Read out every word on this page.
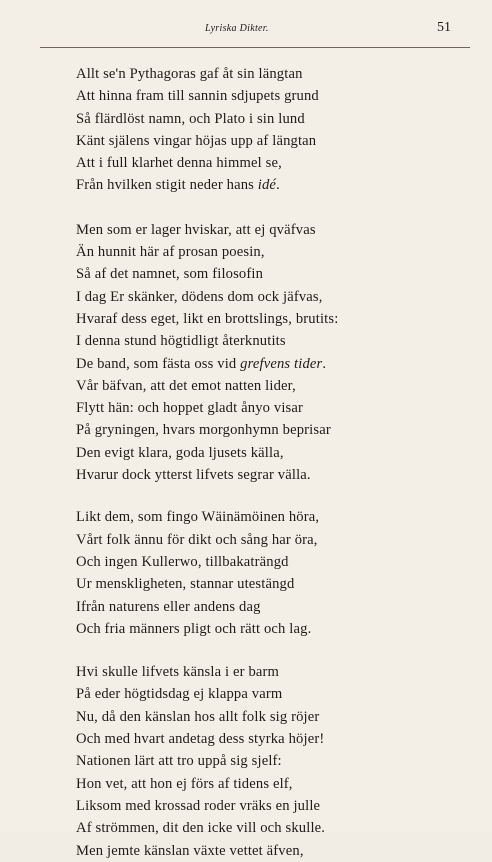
Lyriska Dikter.	51
Allt se'n Pythagoras gaf åt sin längtan
Att hinna fram till sannin sdjupets grund
Så flärdlöst namn, och Plato i sin lund
Känt själens vingar höjas upp af längtan
Att i full klarhet denna himmel se,
Från hvilken stigit neder hans idé.
Men som er lager hviskar, att ej qväfvas
Än hunnit här af prosan poesin,
Så af det namnet, som filosofin
I dag Er skänker, dödens dom ock jäfvas,
Hvaraf dess eget, likt en brottslings, brutits:
I denna stund högtidligt återknutits
De band, som fästa oss vid grefvens tider.
Vår bäfvan, att det emot natten lider,
Flytt hän: och hoppet gladt ånyo visar
På gryningen, hvars morgonhymn beprisar
Den evigt klara, goda ljusets källa,
Hvarur dock ytterst lifvets segrar välla.
Likt dem, som fingo Wäinämöinen höra,
Vårt folk ännu för dikt och sång har öra,
Och ingen Kullerwo, tillbakaträngd
Ur menskligheten, stannar utestängd
Ifrån naturens eller andens dag
Och fria männers pligt och rätt och lag.
Hvi skulle lifvets känsla i er barm
På eder högtidsdag ej klappa varm
Nu, då den känslan hos allt folk sig röjer
Och med hvart andetag dess styrka höjer!
Nationen lärt att tro uppå sig sjelf:
Hon vet, att hon ej förs af tidens elf,
Liksom med krossad roder vräks en julle
Af strömmen, dit den icke vill och skulle.
Men jemte känslan växte vettet äfven,
